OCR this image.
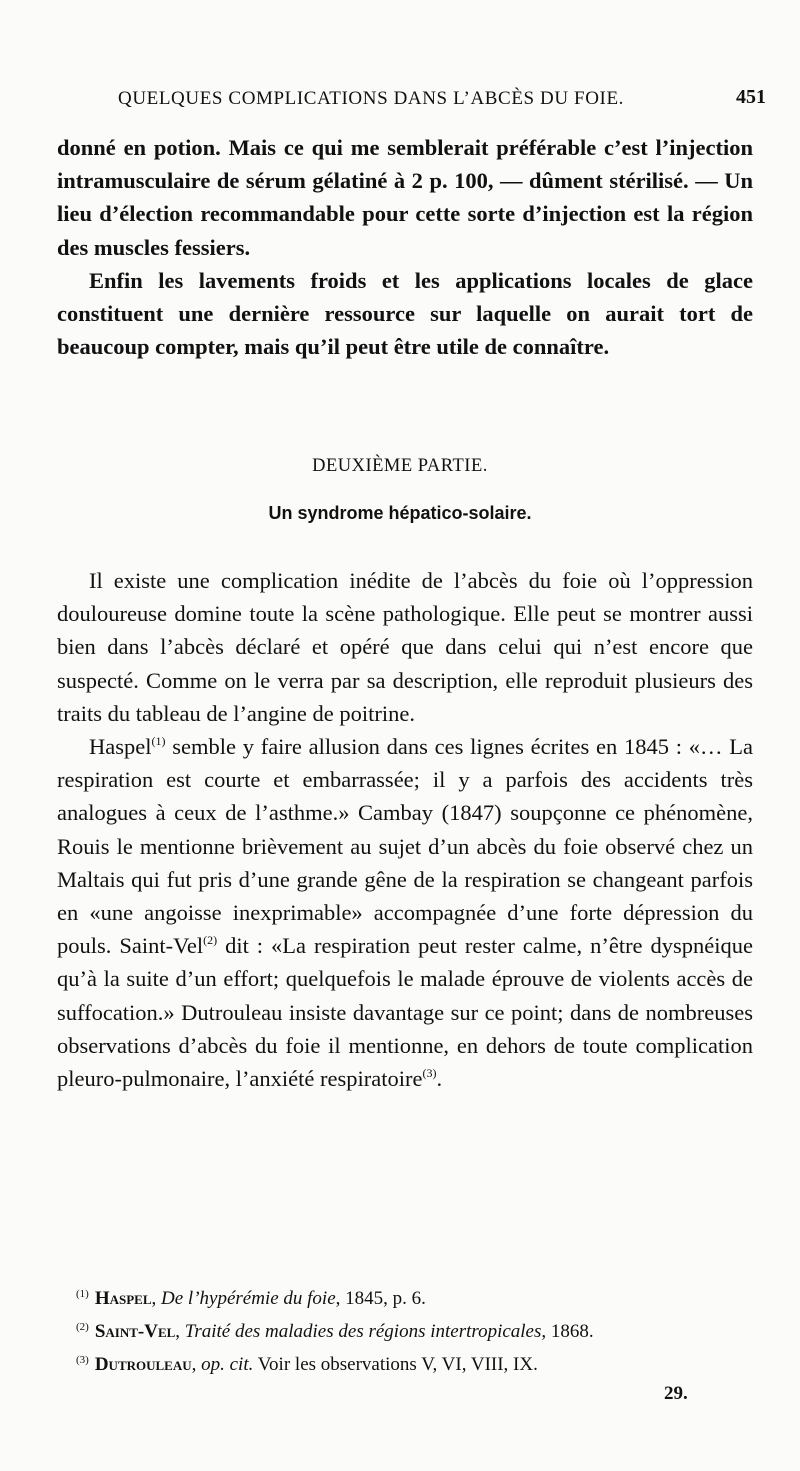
QUELQUES COMPLICATIONS DANS L’ABCÈS DU FOIE.	451

donné en potion. Mais ce qui me semblerait préférable c’est l’injection intramusculaire de sérum gélatiné à 2 p. 100, — dûment stérilisé. — Un lieu d’élection recommandable pour cette sorte d’injection est la région des muscles fessiers.

Enfin les lavements froids et les applications locales de glace constituent une dernière ressource sur laquelle on aurait tort de beaucoup compter, mais qu’il peut être utile de connaître.

DEUXIÈME PARTIE.
Un syndrome hépatico-solaire.

Il existe une complication inédite de l’abcès du foie où l’oppression douloureuse domine toute la scène pathologique. Elle peut se montrer aussi bien dans l’abcès déclaré et opéré que dans celui qui n’est encore que suspecté. Comme on le verra par sa description, elle reproduit plusieurs des traits du tableau de l’angine de poitrine.

Haspel$^{(1)}$ semble y faire allusion dans ces lignes écrites en 1845 : «… La respiration est courte et embarrassée; il y a parfois des accidents très analogues à ceux de l’asthme.» Cambay (1847) soupçonne ce phénomène, Rouis le mentionne brièvement au sujet d’un abcès du foie observé chez un Maltais qui fut pris d’une grande gêne de la respiration se changeant parfois en «une angoisse inexprimable» accompagnée d’une forte dépression du pouls. Saint-Vel$^{(2)}$ dit : «La respiration peut rester calme, n’être dyspnéique qu’à la suite d’un effort; quelquefois le malade éprouve de violents accès de suffocation.» Dutrouleau insiste davantage sur ce point; dans de nombreuses observations d’abcès du foie il mentionne, en dehors de toute complication pleuro-pulmonaire, l’anxiété respiratoire$^{(3)}$.

$^{(1)}$ Haspel, De l’hypérémie du foie, 1845, p. 6.
$^{(2)}$ Saint-Vel, Traité des maladies des régions intertropicales, 1868.
$^{(3)}$ Dutrouleau, op. cit. Voir les observations V, VI, VIII, IX.
29.
